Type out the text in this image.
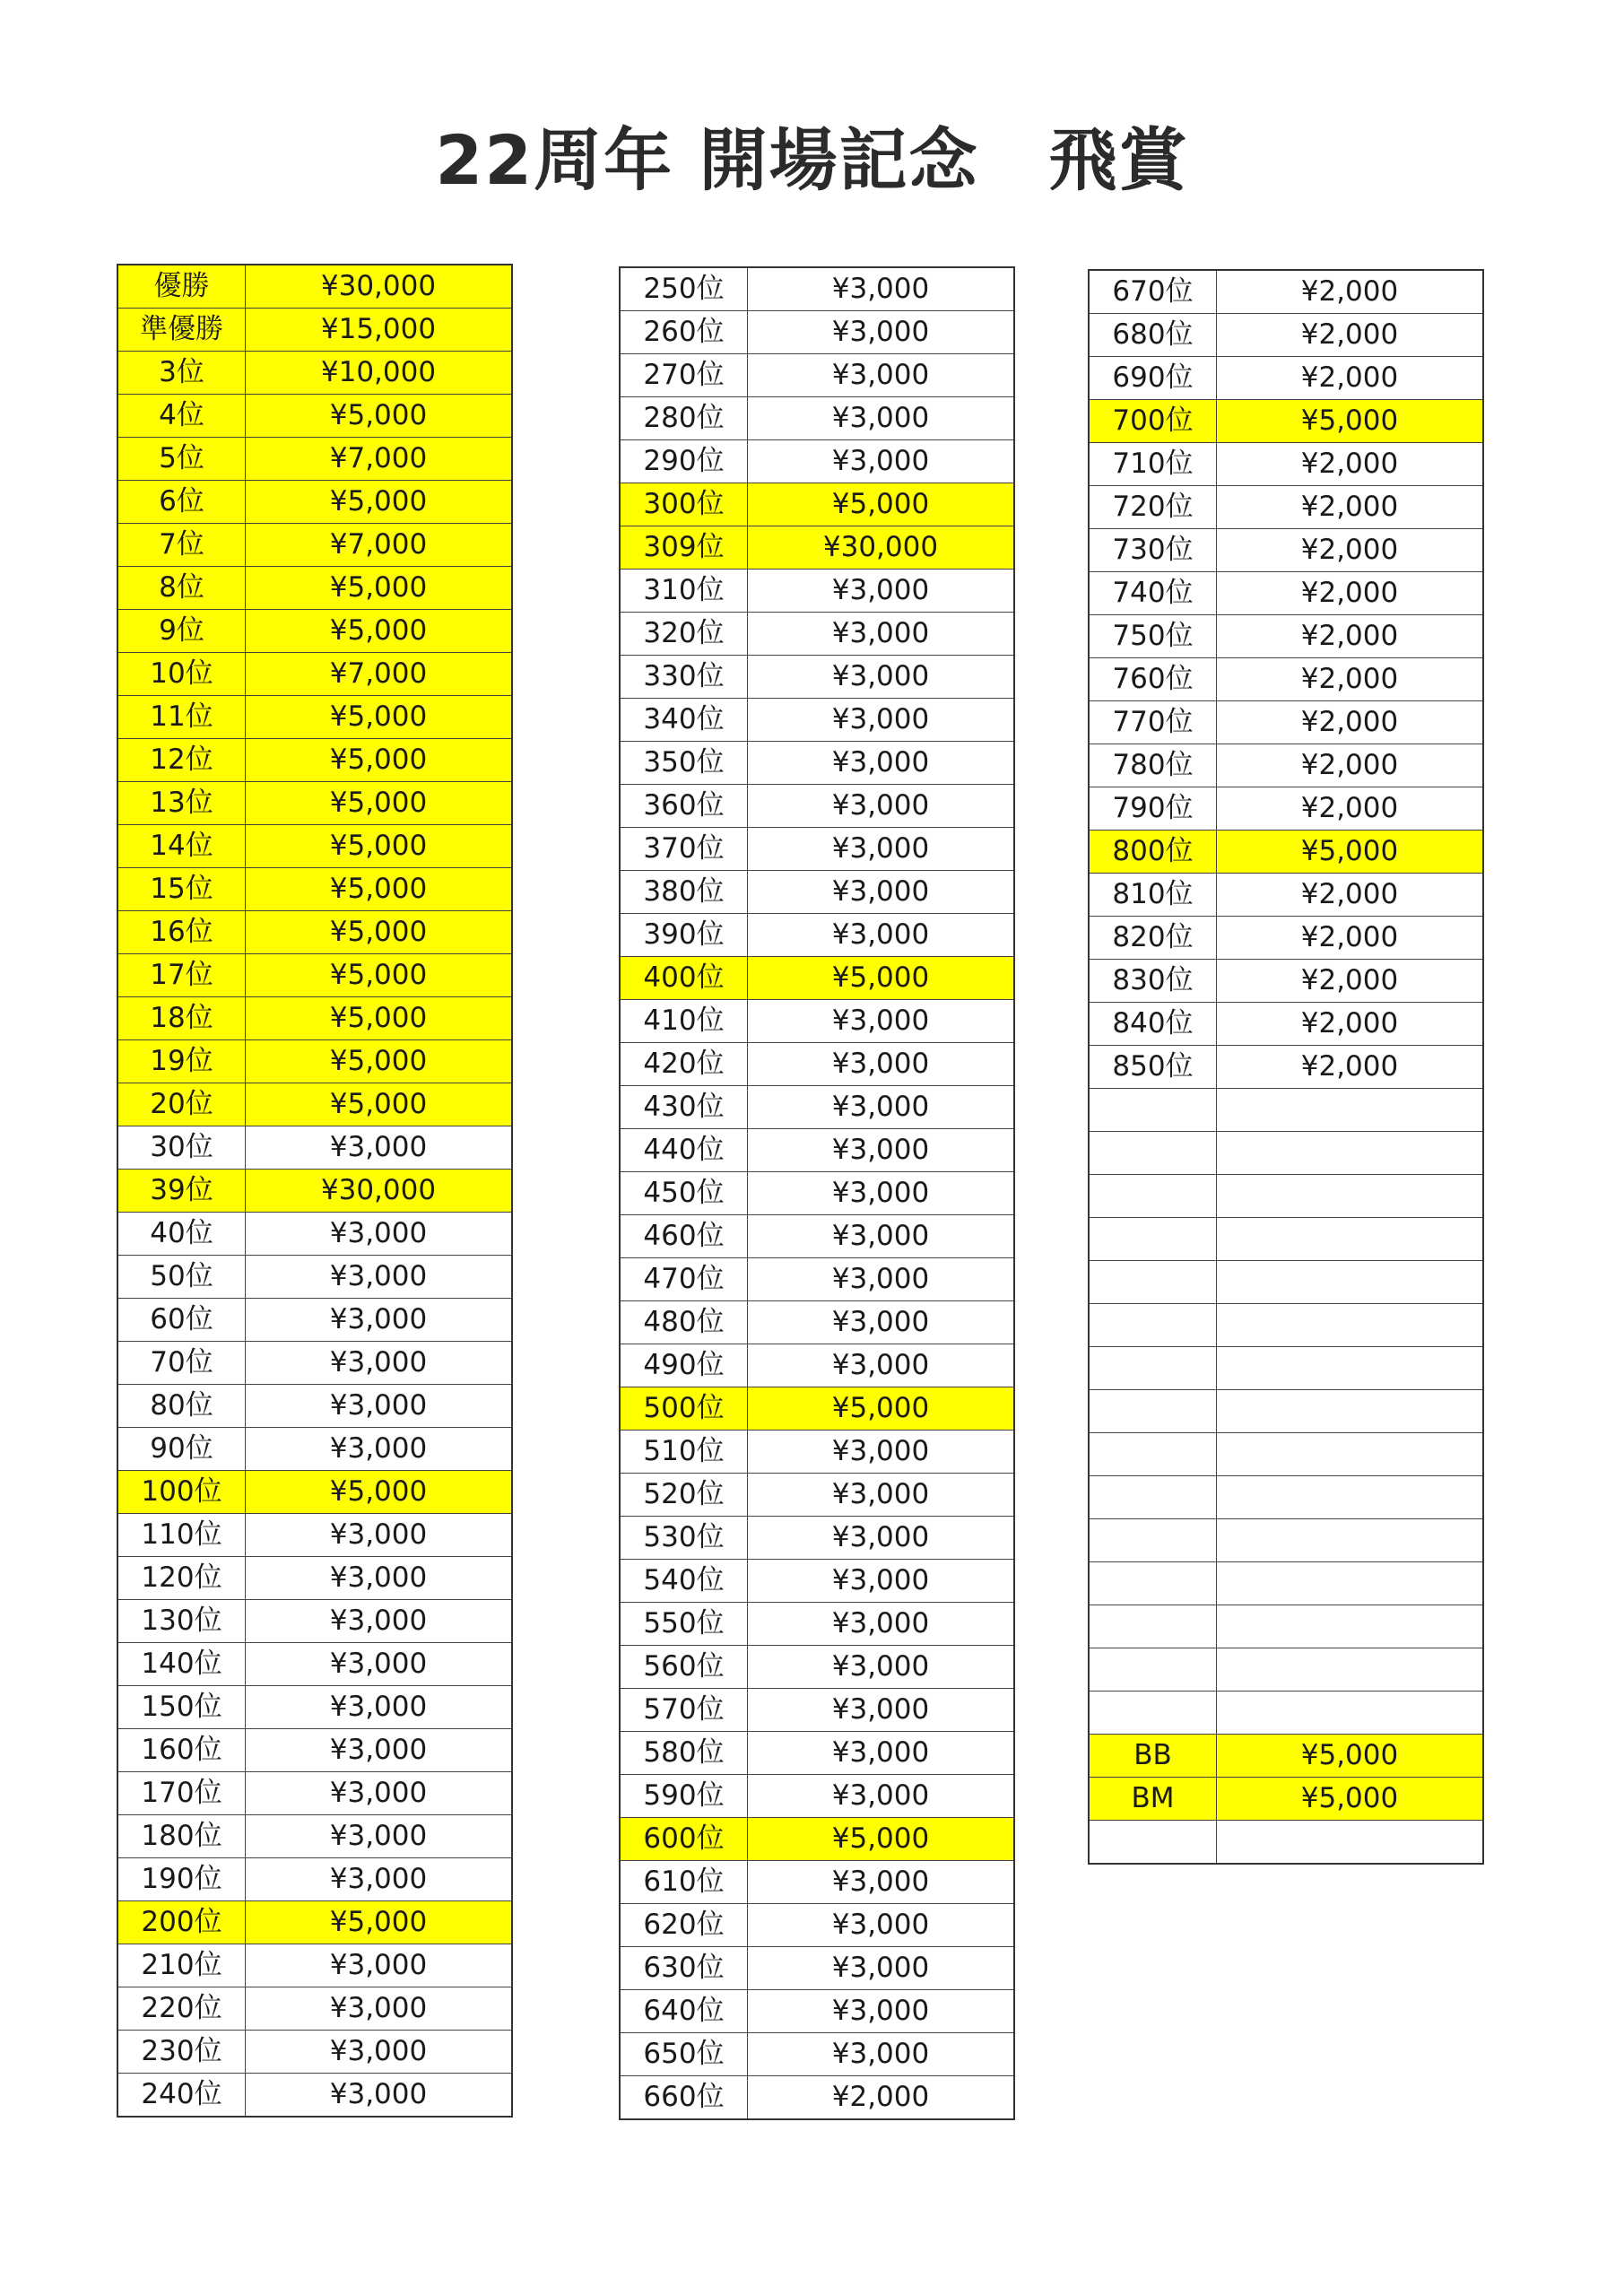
22周年 開場記念　飛賞
優勝	¥30,000
準優勝	¥15,000
3位	¥10,000
4位	¥5,000
5位	¥7,000
6位	¥5,000
7位	¥7,000
8位	¥5,000
9位	¥5,000
10位	¥7,000
11位	¥5,000
12位	¥5,000
13位	¥5,000
14位	¥5,000
15位	¥5,000
16位	¥5,000
17位	¥5,000
18位	¥5,000
19位	¥5,000
20位	¥5,000
30位	¥3,000
39位	¥30,000
40位	¥3,000
50位	¥3,000
60位	¥3,000
70位	¥3,000
80位	¥3,000
90位	¥3,000
100位	¥5,000
110位	¥3,000
120位	¥3,000
130位	¥3,000
140位	¥3,000
150位	¥3,000
160位	¥3,000
170位	¥3,000
180位	¥3,000
190位	¥3,000
200位	¥5,000
210位	¥3,000
220位	¥3,000
230位	¥3,000
240位	¥3,000
250位	¥3,000
260位	¥3,000
270位	¥3,000
280位	¥3,000
290位	¥3,000
300位	¥5,000
309位	¥30,000
310位	¥3,000
320位	¥3,000
330位	¥3,000
340位	¥3,000
350位	¥3,000
360位	¥3,000
370位	¥3,000
380位	¥3,000
390位	¥3,000
400位	¥5,000
410位	¥3,000
420位	¥3,000
430位	¥3,000
440位	¥3,000
450位	¥3,000
460位	¥3,000
470位	¥3,000
480位	¥3,000
490位	¥3,000
500位	¥5,000
510位	¥3,000
520位	¥3,000
530位	¥3,000
540位	¥3,000
550位	¥3,000
560位	¥3,000
570位	¥3,000
580位	¥3,000
590位	¥3,000
600位	¥5,000
610位	¥3,000
620位	¥3,000
630位	¥3,000
640位	¥3,000
650位	¥3,000
660位	¥2,000
670位	¥2,000
680位	¥2,000
690位	¥2,000
700位	¥5,000
710位	¥2,000
720位	¥2,000
730位	¥2,000
740位	¥2,000
750位	¥2,000
760位	¥2,000
770位	¥2,000
780位	¥2,000
790位	¥2,000
800位	¥5,000
810位	¥2,000
820位	¥2,000
830位	¥2,000
840位	¥2,000
850位	¥2,000

BB	¥5,000
BM	¥5,000
